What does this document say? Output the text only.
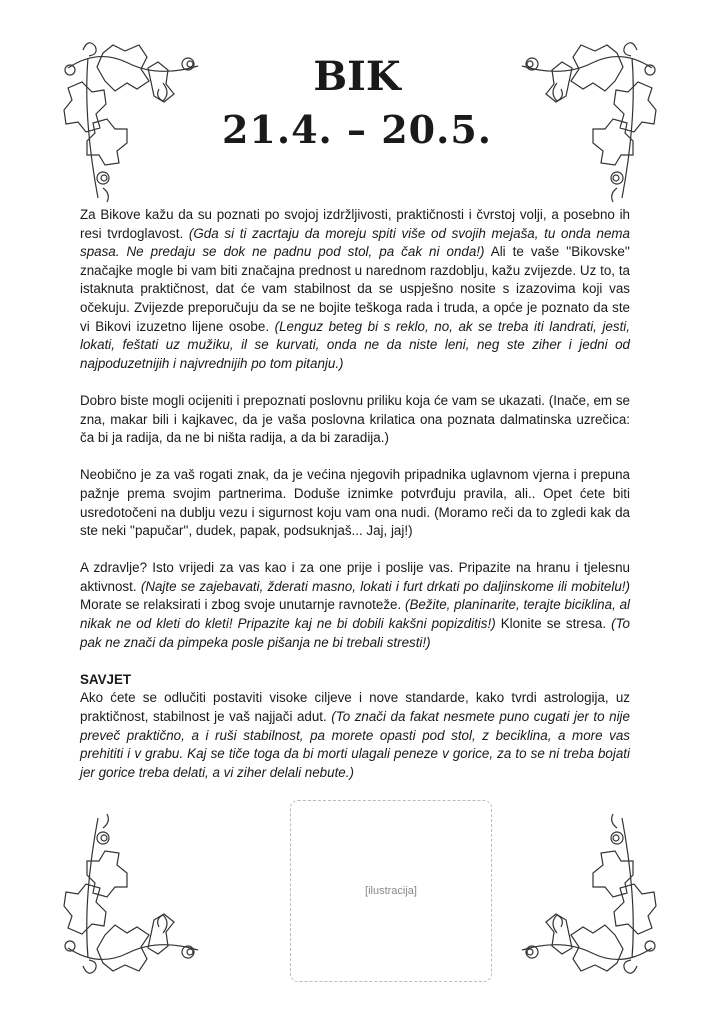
BIK
21.4. – 20.5.

Za Bikove kažu da su poznati po svojoj izdržljivosti, praktičnosti i čvrstoj volji, a posebno ih resi tvrdoglavost. (Gda si ti zacrtaju da moreju spiti više od svojih mejaša, tu onda nema spasa. Ne predaju se dok ne padnu pod stol, pa čak ni onda!) Ali te vaše ''Bikovske'' značajke mogle bi vam biti značajna prednost u narednom razdoblju, kažu zvijezde. Uz to, ta istaknuta praktičnost, dat će vam stabilnost da se uspješno nosite s izazovima koji vas očekuju. Zvijezde preporučuju da se ne bojite teškoga rada i truda, a opće je poznato da ste vi Bikovi izuzetno lijene osobe. (Lenguz beteg bi s reklo, no, ak se treba iti landrati, jesti, lokati, feštati uz mužiku, il se kurvati, onda ne da niste leni, neg ste ziher i jedni od najpoduzetnijih i najvrednijih po tom pitanju.)

Dobro biste mogli ocijeniti i prepoznati poslovnu priliku koja će vam se ukazati. (Inače, em se zna, makar bili i kajkavec, da je vaša poslovna krilatica ona poznata dalmatinska uzrečica: ča bi ja radija, da ne bi ništa radija, a da bi zaradija.)

Neobično je za vaš rogati znak, da je većina njegovih pripadnika uglavnom vjerna i prepuna pažnje prema svojim partnerima. Doduše iznimke potvrđuju pravila, ali.. Opet ćete biti usredotočeni na dublju vezu i sigurnost koju vam ona nudi. (Moramo reči da to zgledi kak da ste neki ''papučar'', dudek, papak, podsuknjaš... Jaj, jaj!)

A zdravlje? Isto vrijedi za vas kao i za one prije i poslije vas. Pripazite na hranu i tjelesnu aktivnost. (Najte se zajebavati, žderati masno, lokati i furt drkati po daljinskome ili mobitelu!) Morate se relaksirati i zbog svoje unutarnje ravnoteže. (Bežite, planinarite, terajte biciklina, al nikak ne od kleti do kleti! Pripazite kaj ne bi dobili kakšni popizditis!) Klonite se stresa. (To pak ne znači da pimpeka posle pišanja ne bi trebali stresti!)

SAVJET

Ako ćete se odlučiti postaviti visoke ciljeve i nove standarde, kako tvrdi astrologija, uz praktičnost, stabilnost je vaš najjači adut. (To znači da fakat nesmete puno cugati jer to nije preveč praktično, a i ruši stabilnost, pa morete opasti pod stol, z beciklina, a more vas prehititi i v grabu. Kaj se tiče toga da bi morti ulagali peneze v gorice, za to se ni treba bojati jer gorice treba delati, a vi ziher delali nebute.)

[ilustracija]
